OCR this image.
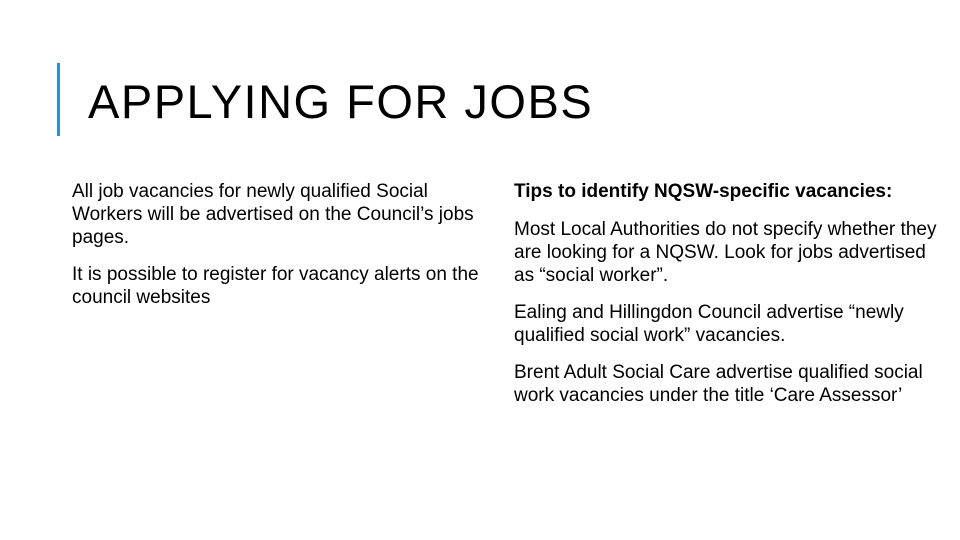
APPLYING FOR JOBS

All job vacancies for newly qualified Social Workers will be advertised on the Council’s jobs pages.

It is possible to register for vacancy alerts on the council websites

Tips to identify NQSW-specific vacancies:

Most Local Authorities do not specify whether they are looking for a NQSW. Look for jobs advertised as “social worker”.

Ealing and Hillingdon Council advertise “newly qualified social work” vacancies.

Brent Adult Social Care advertise qualified social work vacancies under the title ‘Care Assessor’
